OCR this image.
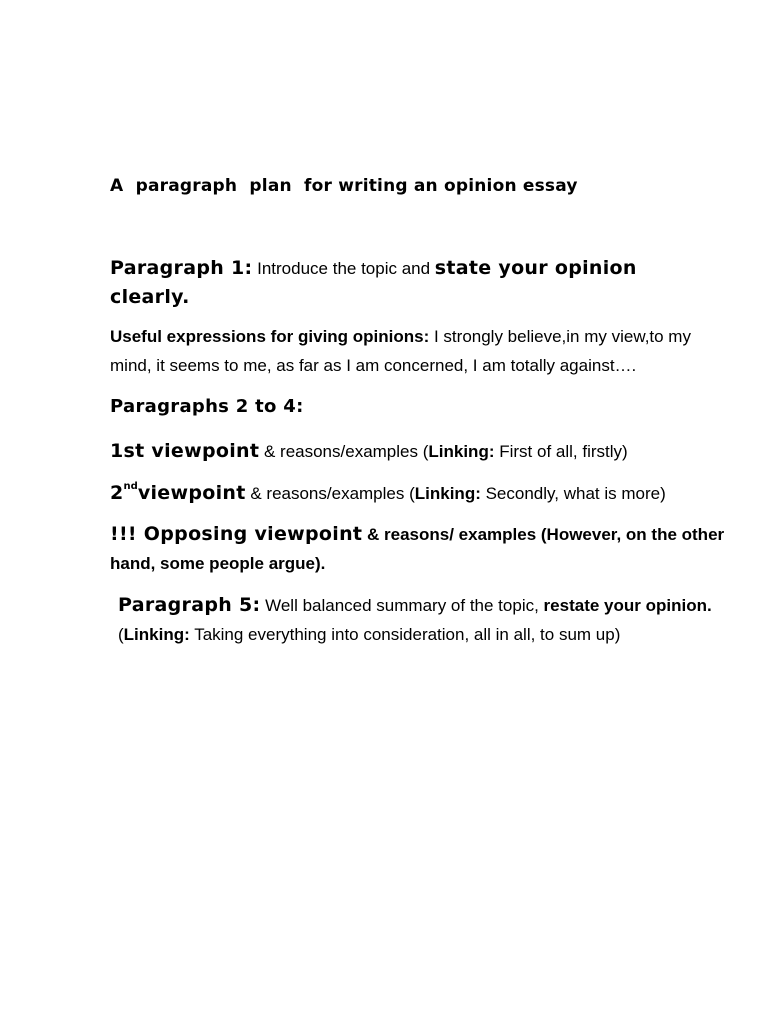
A  paragraph  plan  for writing an opinion essay

Paragraph 1: Introduce the topic and state your opinion
clearly.

Useful expressions for giving opinions: I strongly believe,in my view,to my mind, it seems to me, as far as I am concerned, I am totally against….

Paragraphs 2 to 4:

1st viewpoint & reasons/examples (Linking: First of all, firstly)

2ndviewpoint & reasons/examples (Linking: Secondly, what is more)

!!! Opposing viewpoint & reasons/ examples (However, on the other hand, some people argue).

Paragraph 5: Well balanced summary of the topic, restate your opinion. (Linking: Taking everything into consideration, all in all, to sum up)
